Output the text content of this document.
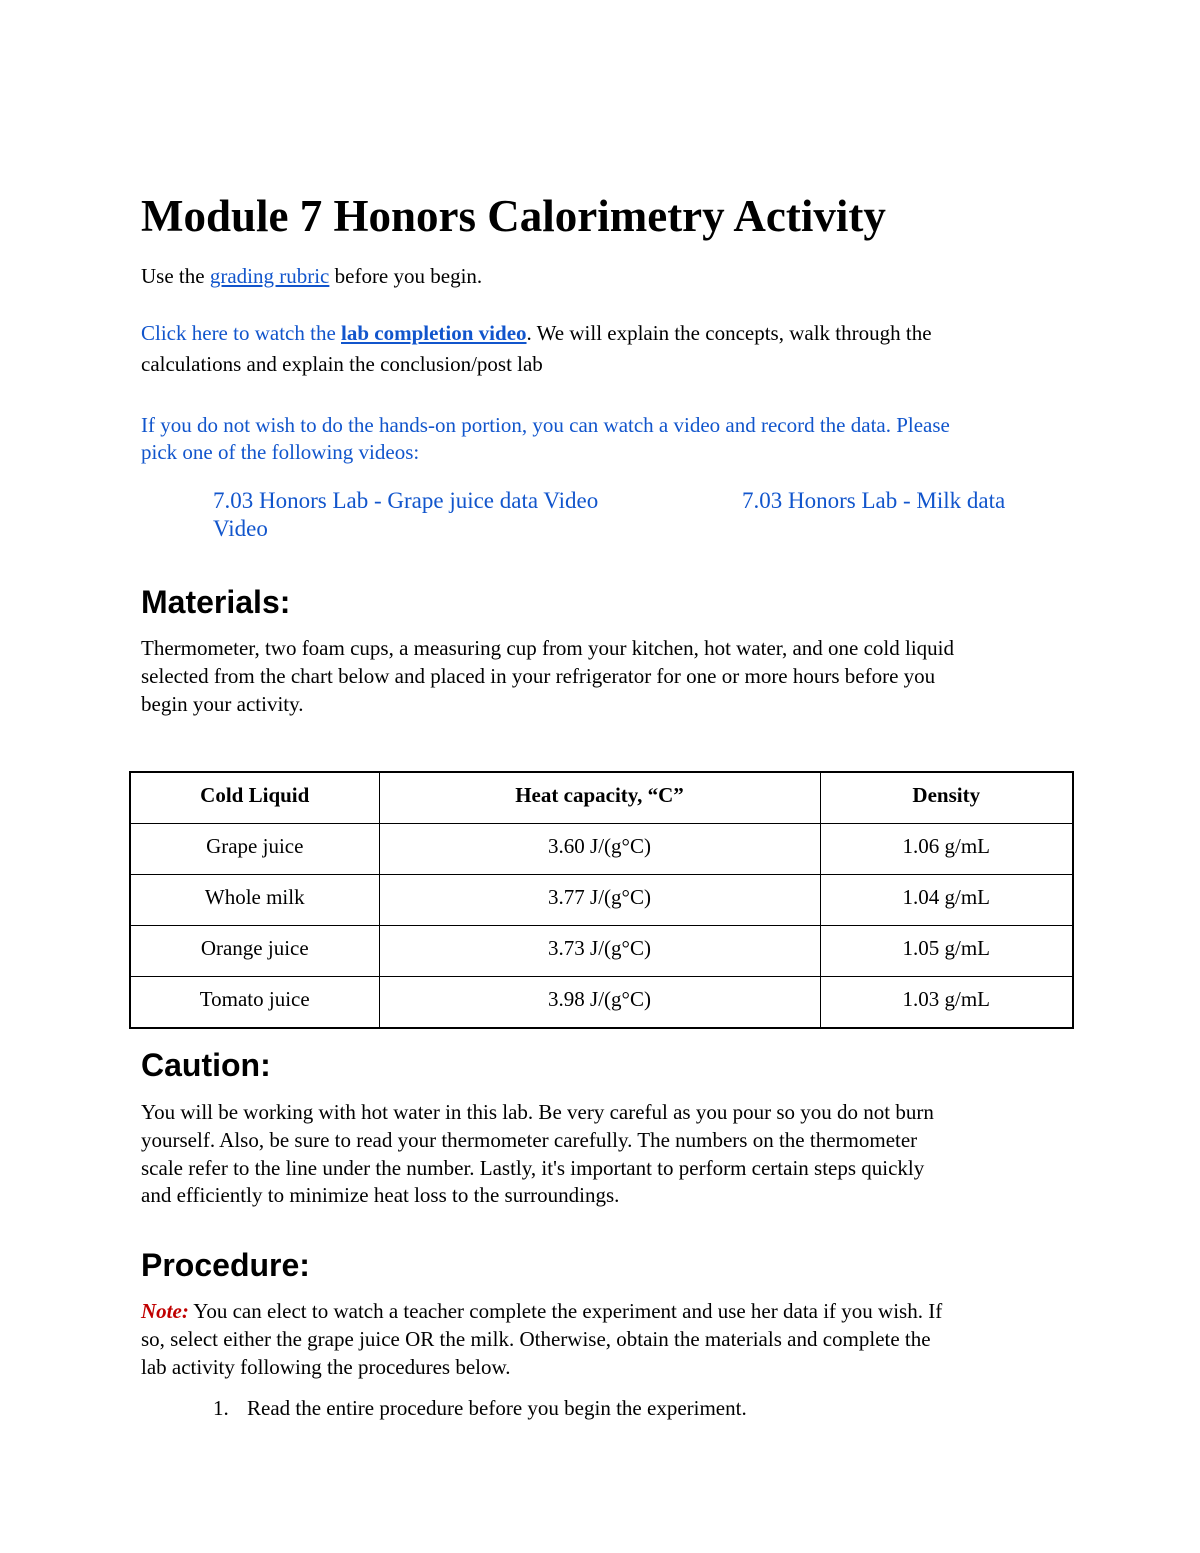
Module 7 Honors Calorimetry Activity
Use the grading rubric before you begin.
Click here to watch the lab completion video. We will explain the concepts, walk through the
calculations and explain the conclusion/post lab
If you do not wish to do the hands-on portion, you can watch a video and record the data. Please
pick one of the following videos:
7.03 Honors Lab - Grape juice data Video	7.03 Honors Lab - Milk data
Video
Materials:
Thermometer, two foam cups, a measuring cup from your kitchen, hot water, and one cold liquid
selected from the chart below and placed in your refrigerator for one or more hours before you
begin your activity.
Cold Liquid	Heat capacity, “C”	Density
Grape juice	3.60 J/(g°C)	1.06 g/mL
Whole milk	3.77 J/(g°C)	1.04 g/mL
Orange juice	3.73 J/(g°C)	1.05 g/mL
Tomato juice	3.98 J/(g°C)	1.03 g/mL
Caution:
You will be working with hot water in this lab. Be very careful as you pour so you do not burn
yourself. Also, be sure to read your thermometer carefully. The numbers on the thermometer
scale refer to the line under the number. Lastly, it's important to perform certain steps quickly
and efficiently to minimize heat loss to the surroundings.
Procedure:
Note: You can elect to watch a teacher complete the experiment and use her data if you wish. If
so, select either the grape juice OR the milk. Otherwise, obtain the materials and complete the
lab activity following the procedures below.
1. Read the entire procedure before you begin the experiment.
